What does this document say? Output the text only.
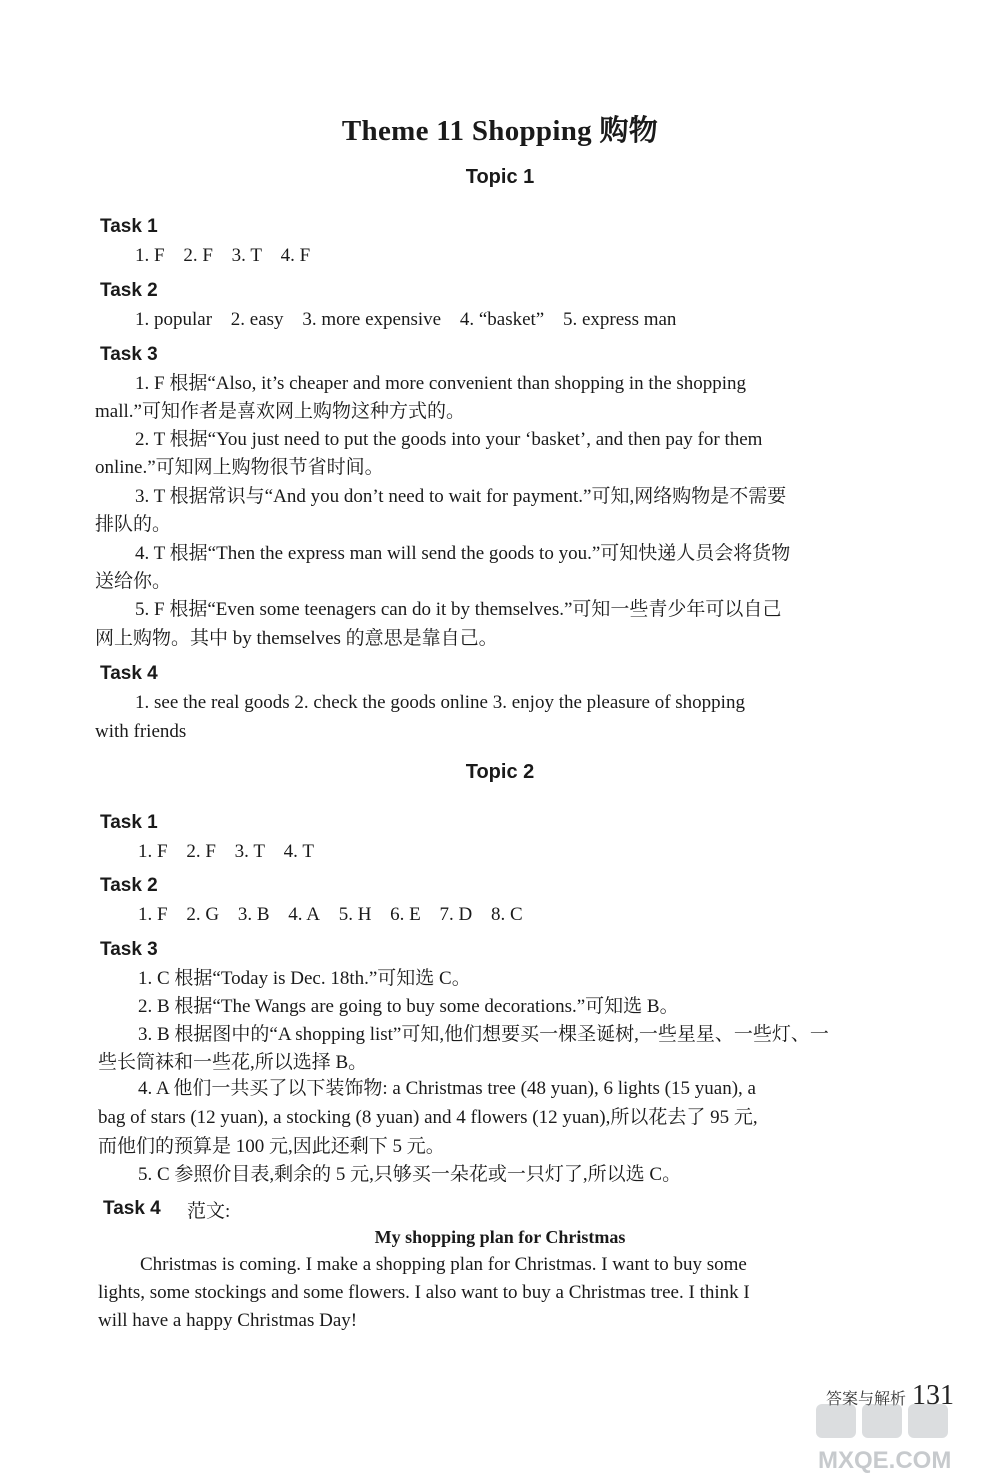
Theme 11 Shopping 购物
Topic 1
Task 1
1. F 2. F 3. T 4. F
Task 2
1. popular 2. easy 3. more expensive 4. “basket” 5. express man
Task 3
1. F 根据“Also, it’s cheaper and more convenient than shopping in the shopping
mall.”可知作者是喜欢网上购物这种方式的。
2. T 根据“You just need to put the goods into your ‘basket’, and then pay for them
online.”可知网上购物很节省时间。
3. T 根据常识与“And you don’t need to wait for payment.”可知,网络购物是不需要
排队的。
4. T 根据“Then the express man will send the goods to you.”可知快递人员会将货物
送给你。
5. F 根据“Even some teenagers can do it by themselves.”可知一些青少年可以自己
网上购物。其中 by themselves 的意思是靠自己。
Task 4
1. see the real goods 2. check the goods online 3. enjoy the pleasure of shopping
with friends
Topic 2
Task 1
1. F 2. F 3. T 4. T
Task 2
1. F 2. G 3. B 4. A 5. H 6. E 7. D 8. C
Task 3
1. C 根据“Today is Dec. 18th.”可知选 C。
2. B 根据“The Wangs are going to buy some decorations.”可知选 B。
3. B 根据图中的“A shopping list”可知,他们想要买一棵圣诞树,一些星星、一些灯、一
些长筒袜和一些花,所以选择 B。
4. A 他们一共买了以下装饰物: a Christmas tree (48 yuan), 6 lights (15 yuan), a
bag of stars (12 yuan), a stocking (8 yuan) and 4 flowers (12 yuan),所以花去了 95 元,
而他们的预算是 100 元,因此还剩下 5 元。
5. C 参照价目表,剩余的 5 元,只够买一朵花或一只灯了,所以选 C。
Task 4 范文:
My shopping plan for Christmas
Christmas is coming. I make a shopping plan for Christmas. I want to buy some
lights, some stockings and some flowers. I also want to buy a Christmas tree. I think I
will have a happy Christmas Day!
答案与解析 131
MXQE.COM
